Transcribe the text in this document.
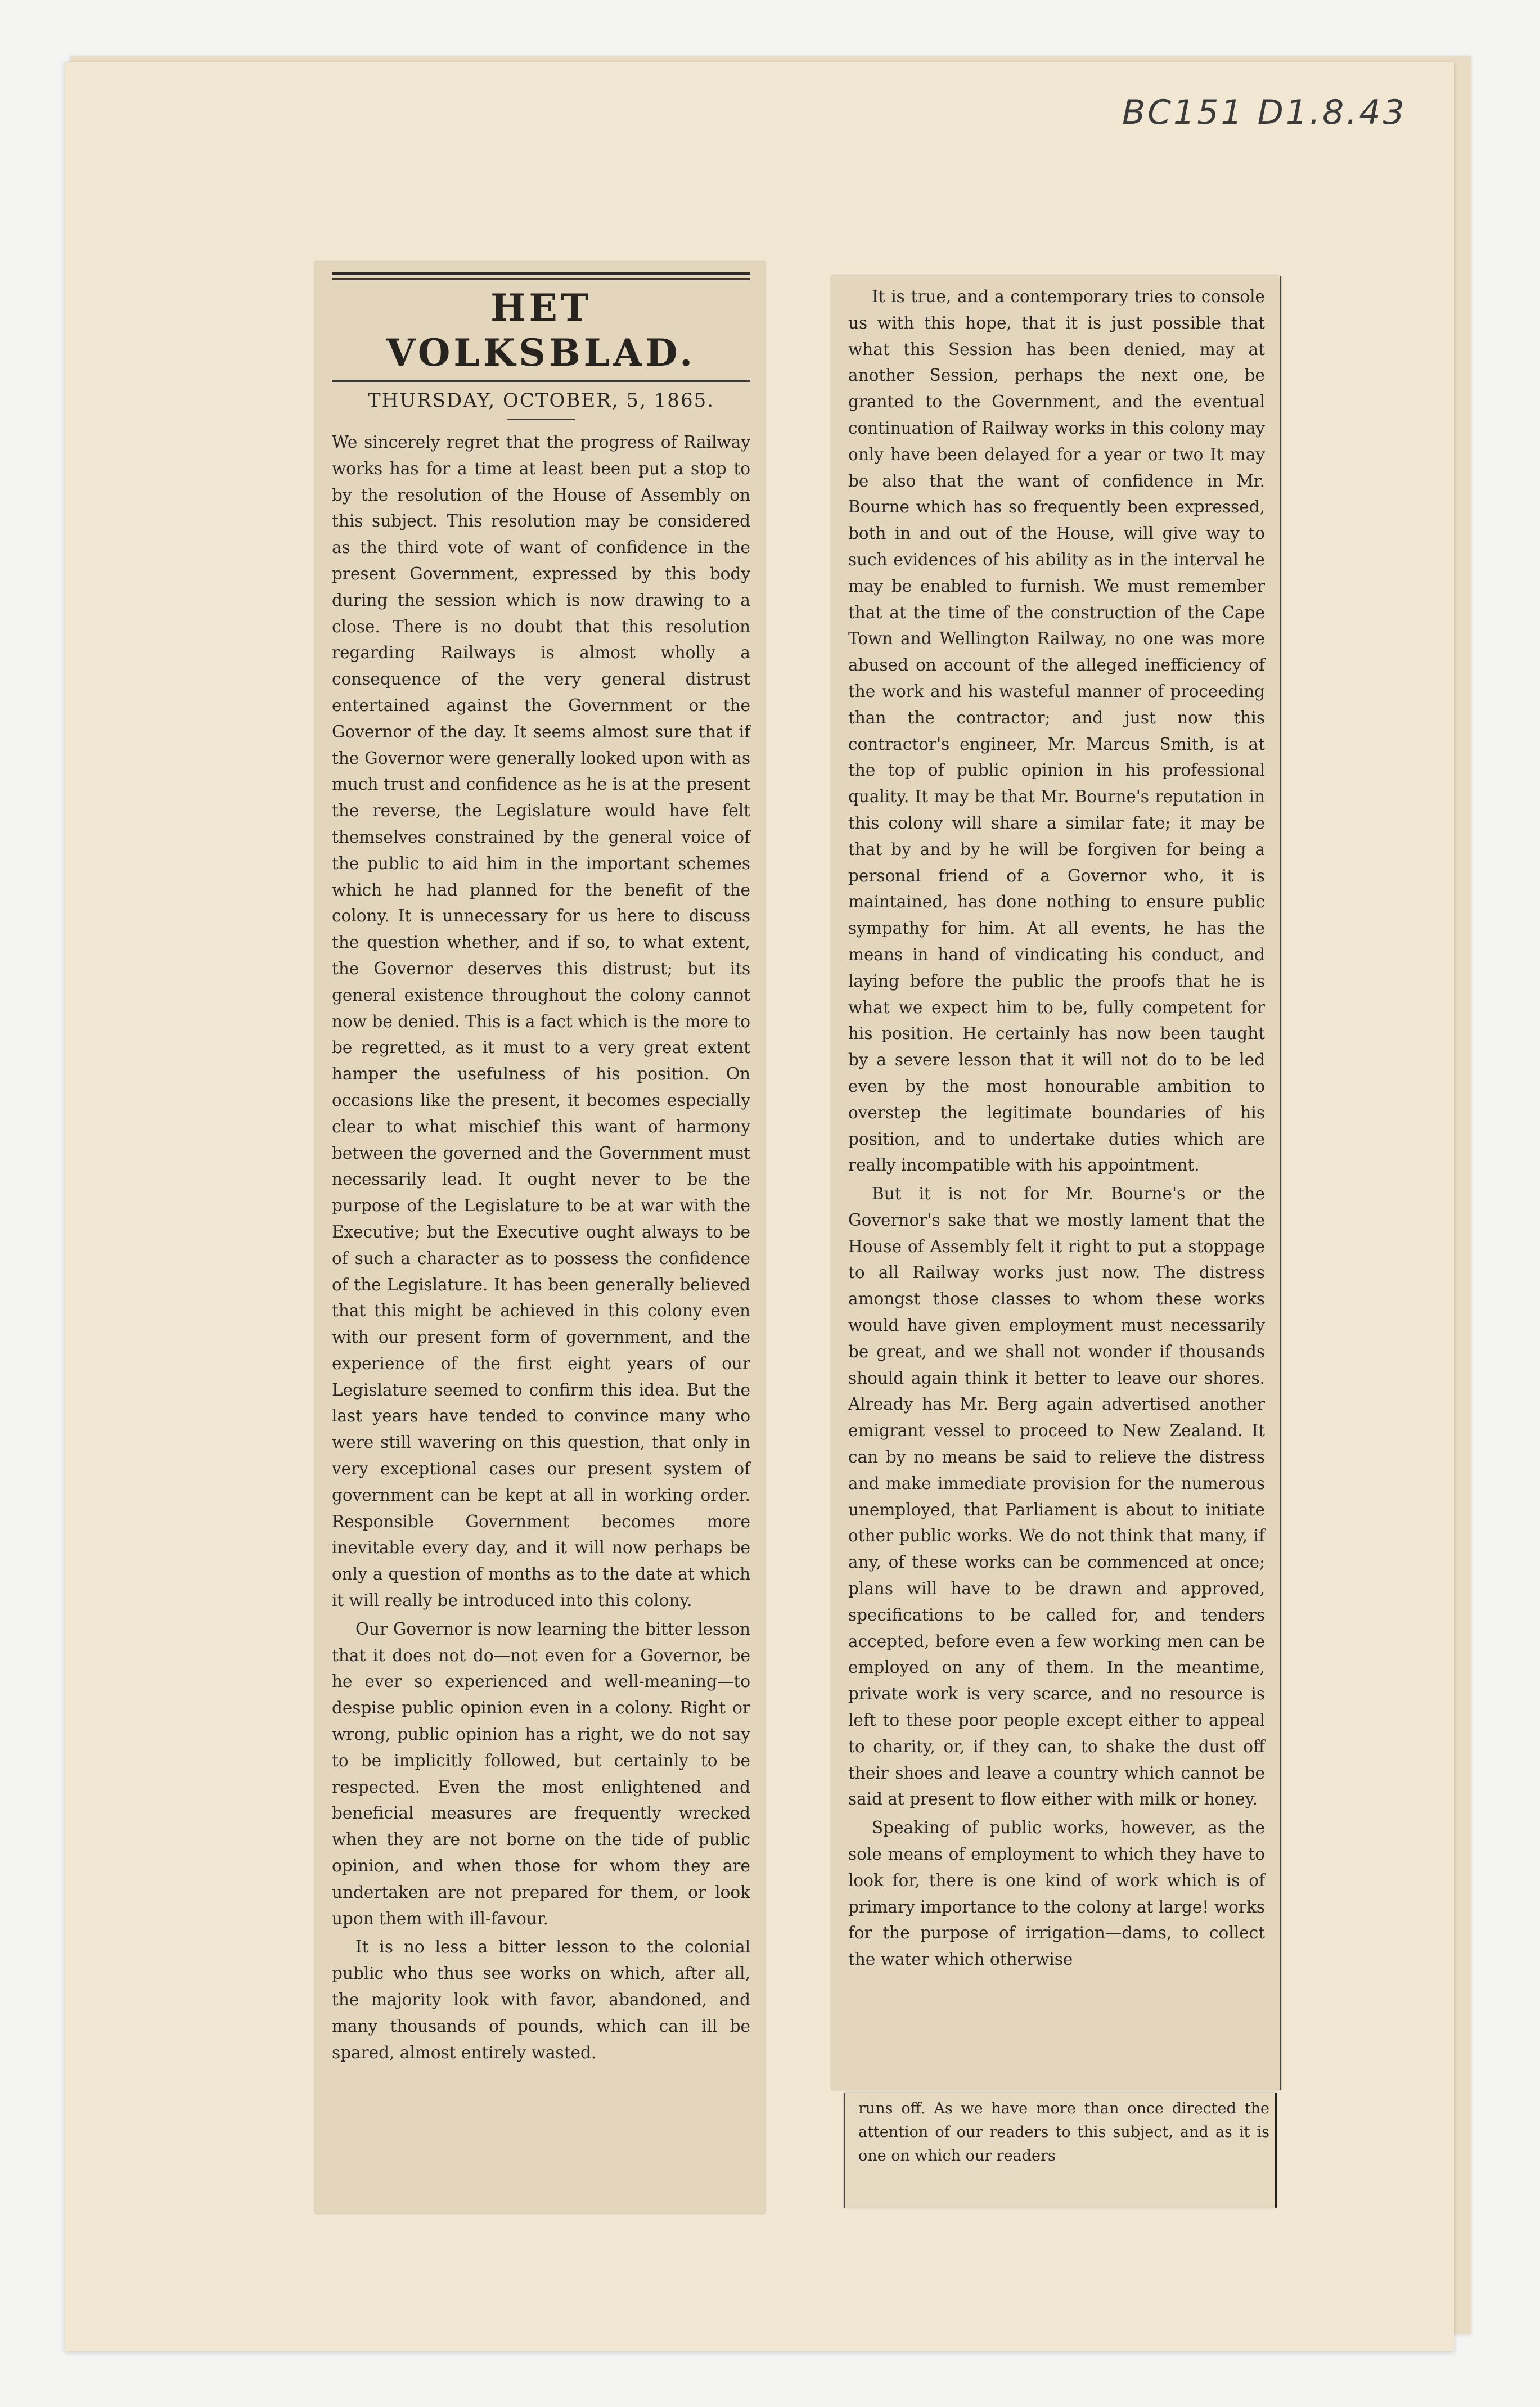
BC151 D1.8.43
HET VOLKSBLAD.
THURSDAY, OCTOBER, 5, 1865.

We sincerely regret that the progress of Railway works has for a time at least been put a stop to by the resolution of the House of Assembly on this subject. This resolution may be considered as the third vote of want of confidence in the present Government, expressed by this body during the session which is now drawing to a close. There is no doubt that this resolution regarding Railways is almost wholly a consequence of the very general distrust entertained against the Government or the Governor of the day. It seems almost sure that if the Governor were generally looked upon with as much trust and confidence as he is at the present the reverse, the Legislature would have felt themselves constrained by the general voice of the public to aid him in the important schemes which he had planned for the benefit of the colony. It is unnecessary for us here to discuss the question whether, and if so, to what extent, the Governor deserves this distrust; but its general existence throughout the colony cannot now be denied. This is a fact which is the more to be regretted, as it must to a very great extent hamper the usefulness of his position. On occasions like the present, it becomes especially clear to what mischief this want of harmony between the governed and the Government must necessarily lead. It ought never to be the purpose of the Legislature to be at war with the Executive; but the Executive ought always to be of such a character as to possess the confidence of the Legislature. It has been generally believed that this might be achieved in this colony even with our present form of government, and the experience of the first eight years of our Legislature seemed to confirm this idea. But the last years have tended to convince many who were still wavering on this question, that only in very exceptional cases our present system of government can be kept at all in working order. Responsible Government becomes more inevitable every day, and it will now perhaps be only a question of months as to the date at which it will really be introduced into this colony.

Our Governor is now learning the bitter lesson that it does not do—not even for a Governor, be he ever so experienced and well-meaning—to despise public opinion even in a colony. Right or wrong, public opinion has a right, we do not say to be implicitly followed, but certainly to be respected. Even the most enlightened and beneficial measures are frequently wrecked when they are not borne on the tide of public opinion, and when those for whom they are undertaken are not prepared for them, or look upon them with ill-favour.

It is no less a bitter lesson to the colonial public who thus see works on which, after all, the majority look with favor, abandoned, and many thousands of pounds, which can ill be spared, almost entirely wasted.

It is true, and a contemporary tries to console us with this hope, that it is just possible that what this Session has been denied, may at another Session, perhaps the next one, be granted to the Government, and the eventual continuation of Railway works in this colony may only have been delayed for a year or two It may be also that the want of confidence in Mr. Bourne which has so frequently been expressed, both in and out of the House, will give way to such evidences of his ability as in the interval he may be enabled to furnish. We must remember that at the time of the construction of the Cape Town and Wellington Railway, no one was more abused on account of the alleged inefficiency of the work and his wasteful manner of proceeding than the contractor; and just now this contractor's engineer, Mr. Marcus Smith, is at the top of public opinion in his professional quality. It may be that Mr. Bourne's reputation in this colony will share a similar fate; it may be that by and by he will be forgiven for being a personal friend of a Governor who, it is maintained, has done nothing to ensure public sympathy for him. At all events, he has the means in hand of vindicating his conduct, and laying before the public the proofs that he is what we expect him to be, fully competent for his position. He certainly has now been taught by a severe lesson that it will not do to be led even by the most honourable ambition to overstep the legitimate boundaries of his position, and to undertake duties which are really incompatible with his appointment.

But it is not for Mr. Bourne's or the Governor's sake that we mostly lament that the House of Assembly felt it right to put a stoppage to all Railway works just now. The distress amongst those classes to whom these works would have given employment must necessarily be great, and we shall not wonder if thousands should again think it better to leave our shores. Already has Mr. Berg again advertised another emigrant vessel to proceed to New Zealand. It can by no means be said to relieve the distress and make immediate provision for the numerous unemployed, that Parliament is about to initiate other public works. We do not think that many, if any, of these works can be commenced at once; plans will have to be drawn and approved, specifications to be called for, and tenders accepted, before even a few working men can be employed on any of them. In the meantime, private work is very scarce, and no resource is left to these poor people except either to appeal to charity, or, if they can, to shake the dust off their shoes and leave a country which cannot be said at present to flow either with milk or honey.

Speaking of public works, however, as the sole means of employment to which they have to look for, there is one kind of work which is of primary importance to the colony at large! works for the purpose of irrigation—dams, to collect the water which otherwise

runs off. As we have more than once directed the attention of our readers to this subject, and as it is one on which our readers
